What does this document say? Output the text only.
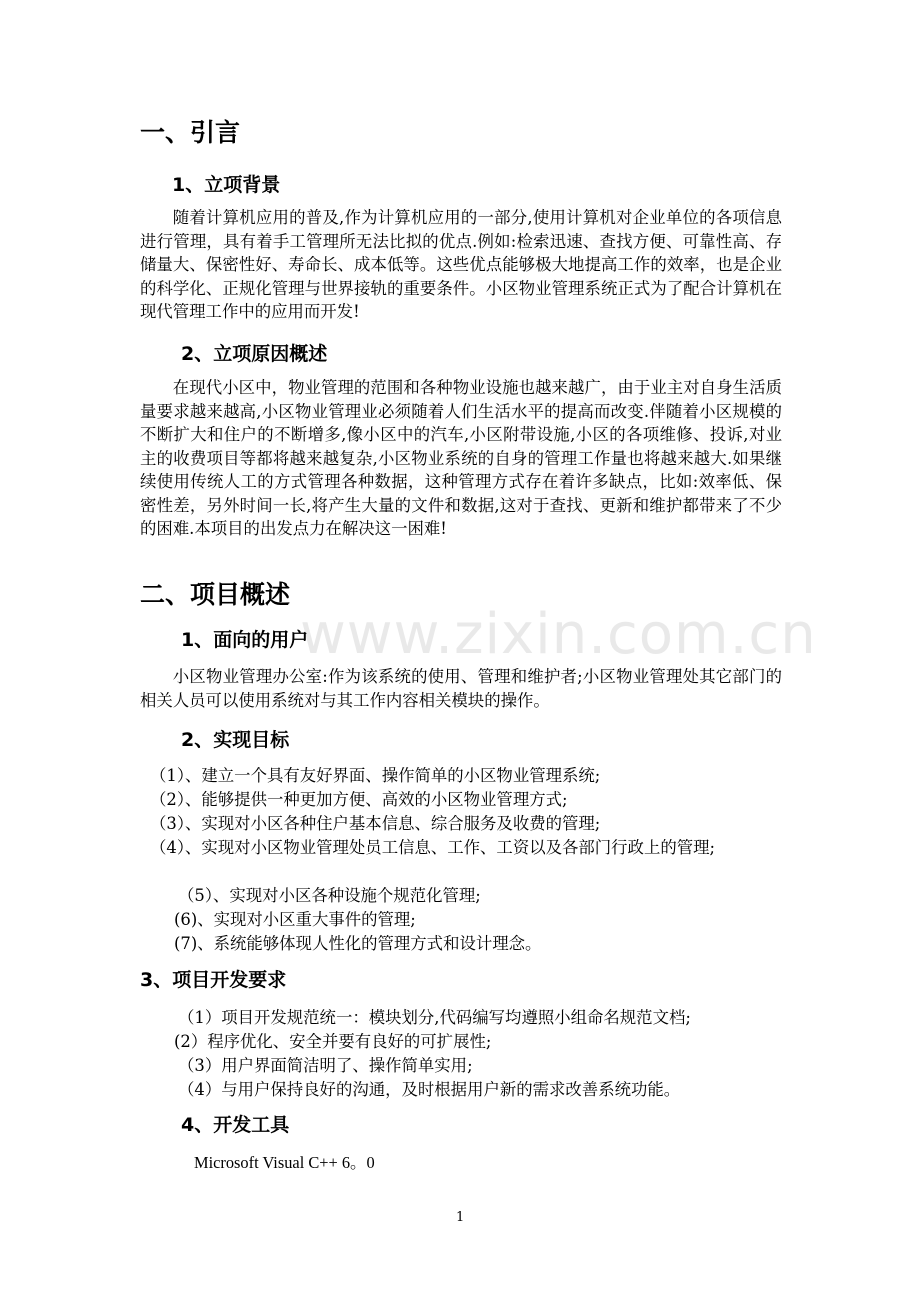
www.zixin.com.cn
一、引言
1、立项背景

随着计算机应用的普及,作为计算机应用的一部分,使用计算机对企业单位的各项信息进行管理，具有着手工管理所无法比拟的优点.例如:检索迅速、查找方便、可靠性高、存储量大、保密性好、寿命长、成本低等。这些优点能够极大地提高工作的效率，也是企业的科学化、正规化管理与世界接轨的重要条件。小区物业管理系统正式为了配合计算机在现代管理工作中的应用而开发!

2、立项原因概述

在现代小区中，物业管理的范围和各种物业设施也越来越广，由于业主对自身生活质量要求越来越高,小区物业管理业必须随着人们生活水平的提高而改变.伴随着小区规模的不断扩大和住户的不断增多,像小区中的汽车,小区附带设施,小区的各项维修、投诉,对业主的收费项目等都将越来越复杂,小区物业系统的自身的管理工作量也将越来越大.如果继续使用传统人工的方式管理各种数据，这种管理方式存在着许多缺点，比如:效率低、保密性差，另外时间一长,将产生大量的文件和数据,这对于查找、更新和维护都带来了不少的困难.本项目的出发点力在解决这一困难!

二、项目概述
1、面向的用户

小区物业管理办公室:作为该系统的使用、管理和维护者;小区物业管理处其它部门的相关人员可以使用系统对与其工作内容相关模块的操作。

2、实现目标

（1）、建立一个具有友好界面、操作简单的小区物业管理系统;

（2）、能够提供一种更加方便、高效的小区物业管理方式;

（3）、实现对小区各种住户基本信息、综合服务及收费的管理;

（4）、实现对小区物业管理处员工信息、工作、工资以及各部门行政上的管理;

（5）、实现对小区各种设施个规范化管理;

(6)、实现对小区重大事件的管理;

(7)、系统能够体现人性化的管理方式和设计理念。

3、项目开发要求

（1）项目开发规范统一：模块划分,代码编写均遵照小组命名规范文档;

(2）程序优化、安全并要有良好的可扩展性;

（3）用户界面简洁明了、操作简单实用;

（4）与用户保持良好的沟通，及时根据用户新的需求改善系统功能。

4、开发工具

Microsoft Visual C++ 6。0

1
